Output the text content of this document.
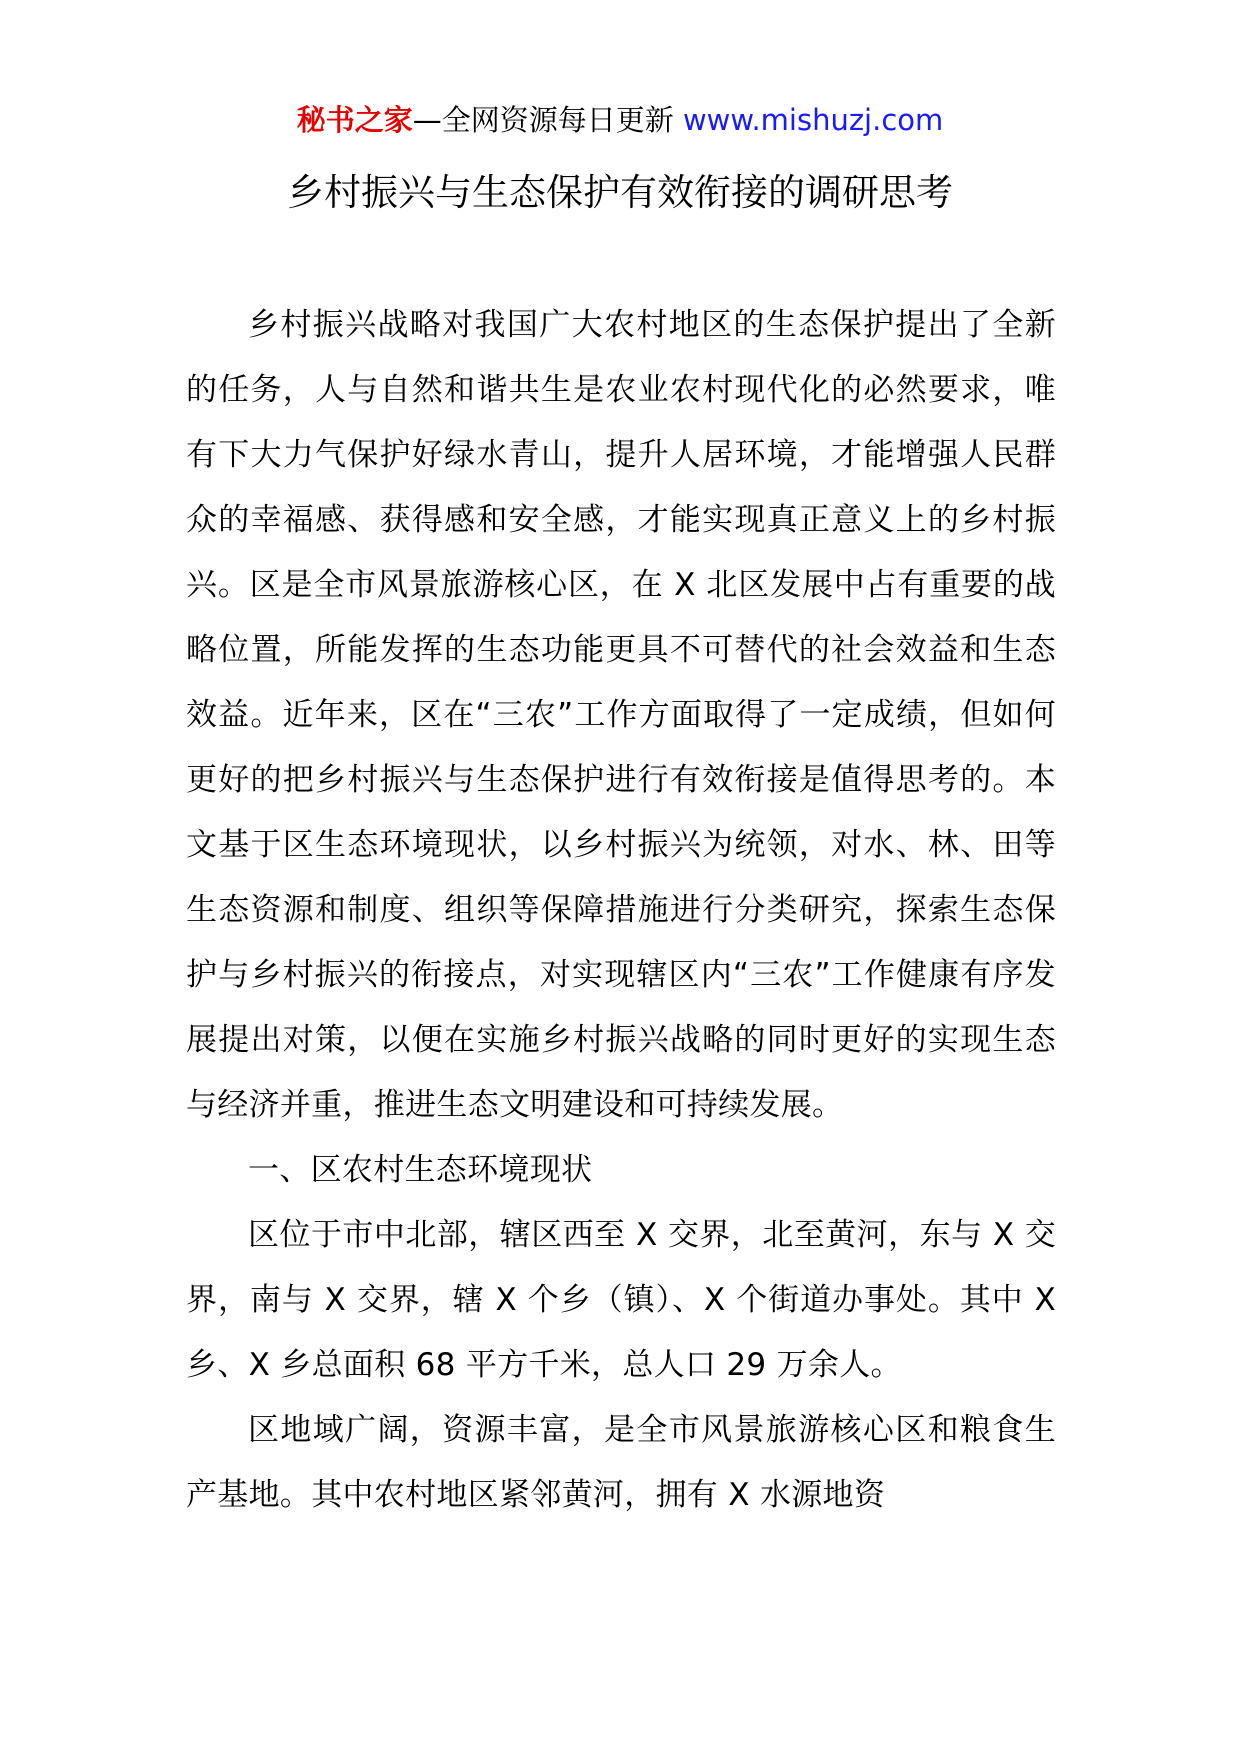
秘书之家—全网资源每日更新 www.mishuzj.com
乡村振兴与生态保护有效衔接的调研思考

乡村振兴战略对我国广大农村地区的生态保护提出了全新的任务，人与自然和谐共生是农业农村现代化的必然要求，唯有下大力气保护好绿水青山，提升人居环境，才能增强人民群众的幸福感、获得感和安全感，才能实现真正意义上的乡村振兴。区是全市风景旅游核心区，在 X 北区发展中占有重要的战略位置，所能发挥的生态功能更具不可替代的社会效益和生态效益。近年来，区在“三农”工作方面取得了一定成绩，但如何更好的把乡村振兴与生态保护进行有效衔接是值得思考的。本文基于区生态环境现状，以乡村振兴为统领，对水、林、田等生态资源和制度、组织等保障措施进行分类研究，探索生态保护与乡村振兴的衔接点，对实现辖区内“三农”工作健康有序发展提出对策，以便在实施乡村振兴战略的同时更好的实现生态与经济并重，推进生态文明建设和可持续发展。

一、区农村生态环境现状

区位于市中北部，辖区西至 X 交界，北至黄河，东与 X 交界，南与 X 交界，辖 X 个乡（镇）、X 个街道办事处。其中 X 乡、X 乡总面积 68 平方千米，总人口 29 万余人。

区地域广阔，资源丰富，是全市风景旅游核心区和粮食生产基地。其中农村地区紧邻黄河，拥有 X 水源地资
